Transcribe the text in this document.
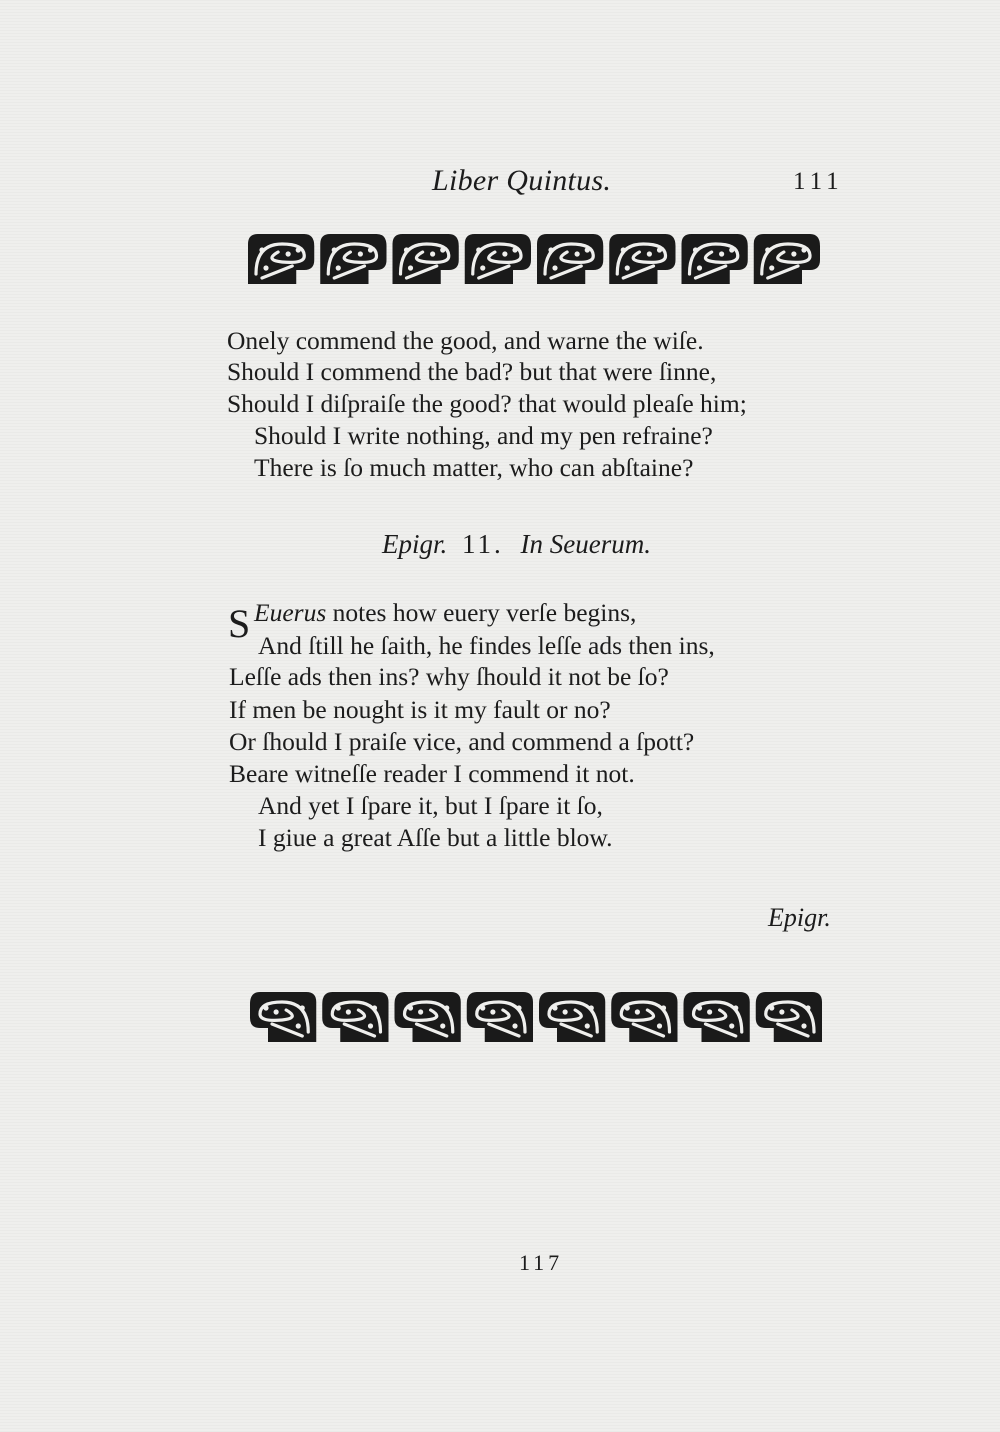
Liber Quintus.	111
Onely commend the good, and warne the wiſe.
Should I commend the bad? but that were ſinne,
Should I diſpraiſe the good? that would pleaſe him;
Should I write nothing, and my pen refraine?
There is ſo much matter, who can abſtaine?
Epigr. 11. In Seuerum.
S Euerus notes how euery verſe begins,
And ſtill he ſaith, he findes leſſe ads then ins,
Leſſe ads then ins? why ſhould it not be ſo?
If men be nought is it my fault or no?
Or ſhould I praiſe vice, and commend a ſpott?
Beare witneſſe reader I commend it not.
And yet I ſpare it, but I ſpare it ſo,
I giue a great Aſſe but a little blow.
Epigr.
117
